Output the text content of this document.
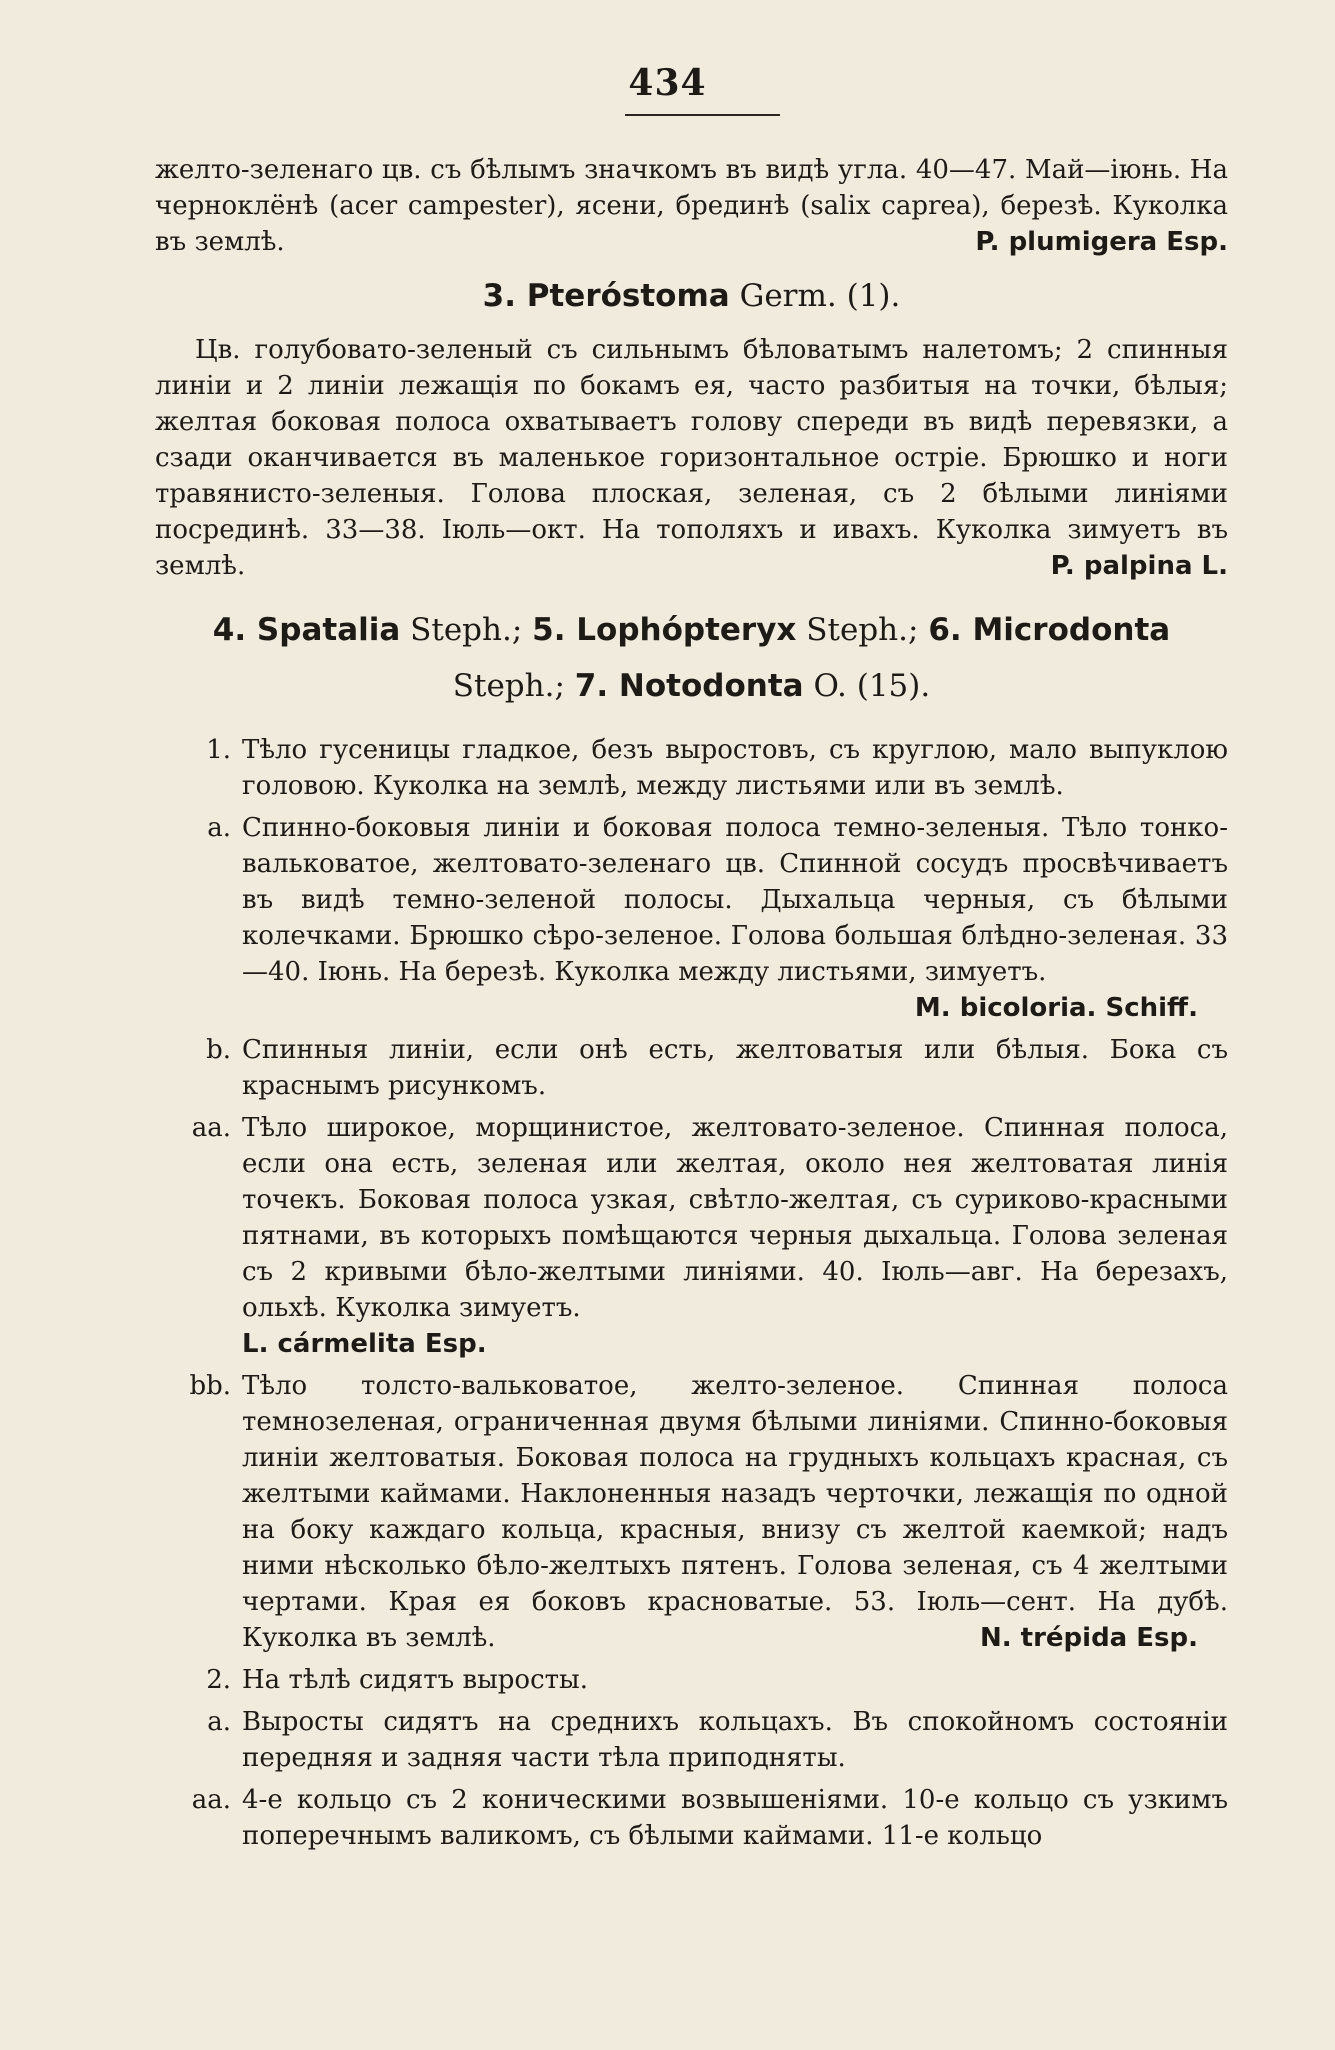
434

желто-зеленаго цв. съ бѣлымъ значкомъ въ видѣ угла. 40—47. Май—іюнь. На черноклёнѣ (acer campester), ясени, брединѣ (salix caprea), березѣ. Куколка въ землѣ.	P. plumigera Esp.

3. Pterόstoma Germ. (1).

Цв. голубовато-зеленый съ сильнымъ бѣловатымъ налетомъ; 2 спинныя линіи и 2 линіи лежащія по бокамъ ея, часто разбитыя на точки, бѣлыя; желтая боковая полоса охватываетъ голову спереди въ видѣ перевязки, а сзади оканчивается въ маленькое горизонтальное остріе. Брюшко и ноги травянисто-зеленыя. Голова плоская, зеленая, съ 2 бѣлыми линіями посрединѣ. 33—38. Іюль—окт. На тополяхъ и ивахъ. Куколка зимуетъ въ землѣ.	P. palpina L.

4. Spatalia Steph.; 5. Lophόpteryx Steph.; 6. Microdonta
Steph.; 7. Notodonta O. (15).
1. Тѣло гусеницы гладкое, безъ выростовъ, съ круглою, мало выпуклою головою. Куколка на землѣ, между листьями или въ землѣ.
a. Спинно-боковыя линіи и боковая полоса темно-зеленыя. Тѣло тонко-вальковатое, желтовато-зеленаго цв. Спинной сосудъ просвѣчиваетъ въ видѣ темно-зеленой полосы. Дыхальца черныя, съ бѣлыми колечками. Брюшко сѣро-зеленое. Голова большая блѣдно-зеленая. 33—40. Іюнь. На березѣ. Куколка между листьями, зимуетъ.
M. bicoloria. Schiff.
b. Спинныя линіи, если онѣ есть, желтоватыя или бѣлыя. Бока съ краснымъ рисункомъ.
aa. Тѣло широкое, морщинистое, желтовато-зеленое. Спинная полоса, если она есть, зеленая или желтая, около нея желтоватая линія точекъ. Боковая полоса узкая, свѣтло-желтая, съ суриково-красными пятнами, въ которыхъ помѣщаются черныя дыхальца. Голова зеленая съ 2 кривыми бѣло-желтыми линіями. 40. Іюль—авг. На березахъ, ольхѣ. Куколка зимуетъ.
L. cármelita Esp.
bb. Тѣло толсто-вальковатое, желто-зеленое. Спинная полоса темнозеленая, ограниченная двумя бѣлыми линіями. Спинно-боковыя линіи желтоватыя. Боковая полоса на грудныхъ кольцахъ красная, съ желтыми каймами. Наклоненныя назадъ черточки, лежащія по одной на боку каждаго кольца, красныя, внизу съ желтой каемкой; надъ ними нѣсколько бѣло-желтыхъ пятенъ. Голова зеленая, съ 4 желтыми чертами. Края ея боковъ красноватые. 53. Іюль—сент. На дубѣ. Куколка въ землѣ.	N. trépida Esp.
2. На тѣлѣ сидятъ выросты.
a. Выросты сидятъ на среднихъ кольцахъ. Въ спокойномъ состояніи передняя и задняя части тѣла приподняты.
aa. 4-е кольцо съ 2 коническими возвышеніями. 10-е кольцо съ узкимъ поперечнымъ валикомъ, съ бѣлыми каймами. 11-е кольцо
